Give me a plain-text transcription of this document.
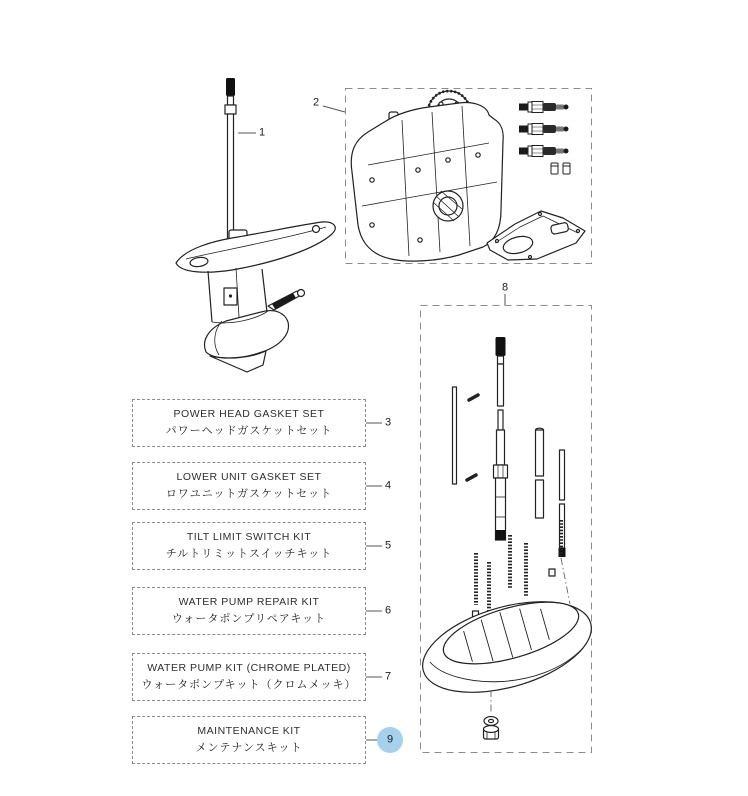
POWER HEAD GASKET SET
パワーヘッドガスケットセット
LOWER UNIT GASKET SET
ロワユニットガスケットセット
TILT LIMIT SWITCH KIT
チルトリミットスイッチキット
WATER PUMP REPAIR KIT
ウォータポンプリペアキット
WATER PUMP KIT (CHROME PLATED)
ウォータポンプキット（クロムメッキ）
MAINTENANCE KIT
メンテナンスキット
1
2
8
3
4
5
6
7
9
